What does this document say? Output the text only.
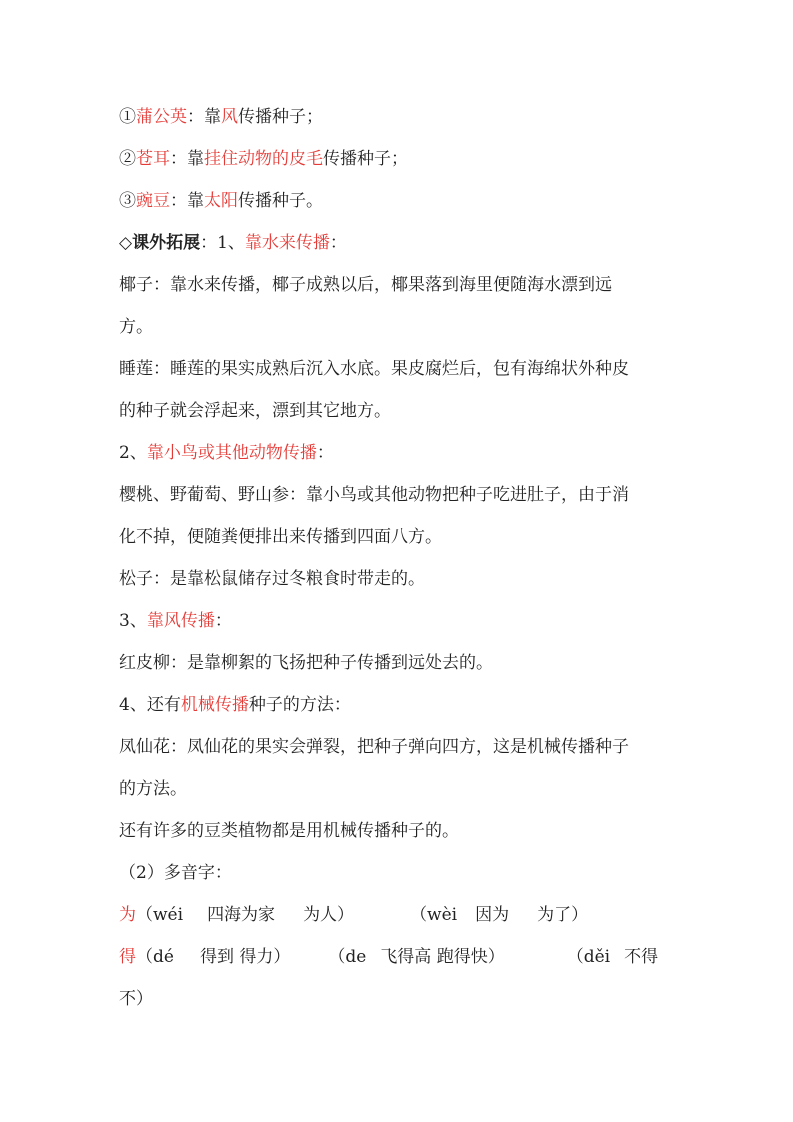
①蒲公英：靠风传播种子；
②苍耳：靠挂住动物的皮毛传播种子；
③豌豆：靠太阳传播种子。
◇课外拓展：1、靠水来传播：
椰子：靠水来传播，椰子成熟以后，椰果落到海里便随海水漂到远
方。
睡莲：睡莲的果实成熟后沉入水底。果皮腐烂后，包有海绵状外种皮
的种子就会浮起来，漂到其它地方。
2、靠小鸟或其他动物传播：
樱桃、野葡萄、野山参：靠小鸟或其他动物把种子吃进肚子，由于消
化不掉，便随粪便排出来传播到四面八方。
松子：是靠松鼠储存过冬粮食时带走的。
3、靠风传播：
红皮柳：是靠柳絮的飞扬把种子传播到远处去的。
4、还有机械传播种子的方法：
凤仙花：凤仙花的果实会弹裂，把种子弹向四方，这是机械传播种子
的方法。
还有许多的豆类植物都是用机械传播种子的。
（2）多音字：
为（wéi 四海为家 为人）	（wèi 因为 为了）
得（dé 得到 得力） （de 飞得高 跑得快）	（děi 不得
不）
